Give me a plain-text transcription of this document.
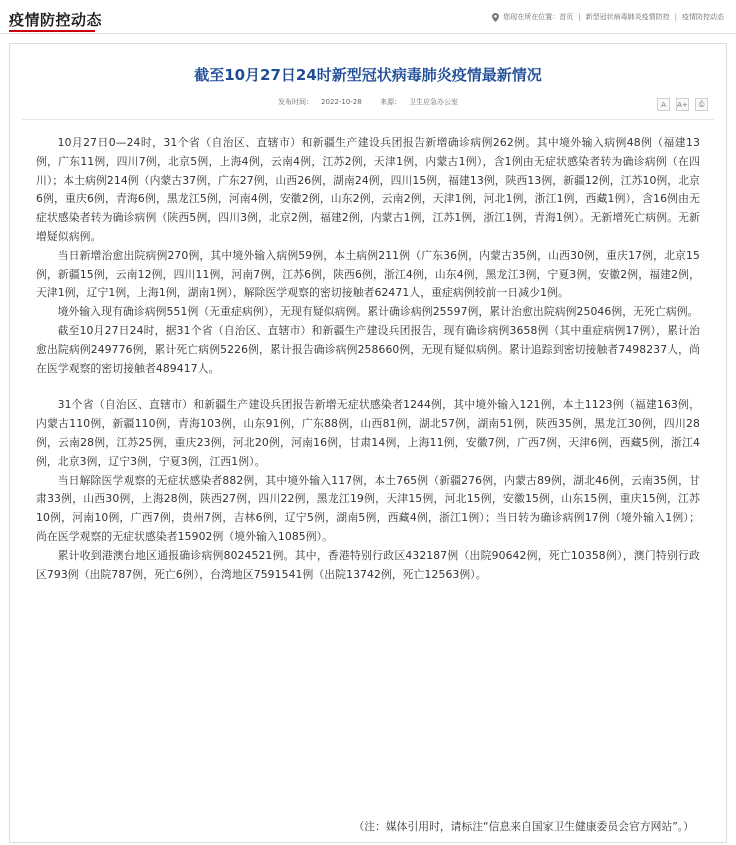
疫情防控动态	您现在所在位置： 首页 | 新型冠状病毒肺炎疫情防控 | 疫情防控动态
截至10月27日24时新型冠状病毒肺炎疫情最新情况
发布时间： 2022-10-28	来源： 卫生应急办公室	A	A+ ⎙

10月27日0—24时，31个省（自治区、直辖市）和新疆生产建设兵团报告新增确诊病例262例。其中境外输入病例48例（福建13例，广东11例，四川7例，北京5例，上海4例，云南4例，江苏2例，天津1例，内蒙古1例），含1例由无症状感染者转为确诊病例（在四川）；本土病例214例（内蒙古37例，广东27例，山西26例，湖南24例，四川15例，福建13例，陕西13例，新疆12例，江苏10例，北京6例，重庆6例，青海6例，黑龙江5例，河南4例，安徽2例，山东2例，云南2例，天津1例，河北1例，浙江1例，西藏1例），含16例由无症状感染者转为确诊病例（陕西5例，四川3例，北京2例，福建2例，内蒙古1例，江苏1例，浙江1例，青海1例）。无新增死亡病例。无新增疑似病例。

当日新增治愈出院病例270例，其中境外输入病例59例，本土病例211例（广东36例，内蒙古35例，山西30例，重庆17例，北京15例，新疆15例，云南12例，四川11例，河南7例，江苏6例，陕西6例，浙江4例，山东4例，黑龙江3例，宁夏3例，安徽2例，福建2例，天津1例，辽宁1例，上海1例，湖南1例），解除医学观察的密切接触者62471人，重症病例较前一日减少1例。

境外输入现有确诊病例551例（无重症病例），无现有疑似病例。累计确诊病例25597例，累计治愈出院病例25046例，无死亡病例。

截至10月27日24时，据31个省（自治区、直辖市）和新疆生产建设兵团报告，现有确诊病例3658例（其中重症病例17例），累计治愈出院病例249776例，累计死亡病例5226例，累计报告确诊病例258660例，无现有疑似病例。累计追踪到密切接触者7498237人，尚在医学观察的密切接触者489417人。

31个省（自治区、直辖市）和新疆生产建设兵团报告新增无症状感染者1244例，其中境外输入121例，本土1123例（福建163例，内蒙古110例，新疆110例，青海103例，山东91例，广东88例，山西81例，湖北57例，湖南51例，陕西35例，黑龙江30例，四川28例，云南28例，江苏25例，重庆23例，河北20例，河南16例，甘肃14例，上海11例，安徽7例，广西7例，天津6例，西藏5例，浙江4例，北京3例，辽宁3例，宁夏3例，江西1例）。

当日解除医学观察的无症状感染者882例，其中境外输入117例，本土765例（新疆276例，内蒙古89例，湖北46例，云南35例，甘肃33例，山西30例，上海28例，陕西27例，四川22例，黑龙江19例，天津15例，河北15例，安徽15例，山东15例，重庆15例，江苏10例，河南10例，广西7例，贵州7例，吉林6例，辽宁5例，湖南5例，西藏4例，浙江1例）；当日转为确诊病例17例（境外输入1例）；尚在医学观察的无症状感染者15902例（境外输入1085例）。

累计收到港澳台地区通报确诊病例8024521例。其中，香港特别行政区432187例（出院90642例，死亡10358例），澳门特别行政区793例（出院787例，死亡6例），台湾地区7591541例（出院13742例，死亡12563例）。

（注：媒体引用时，请标注“信息来自国家卫生健康委员会官方网站”。）
